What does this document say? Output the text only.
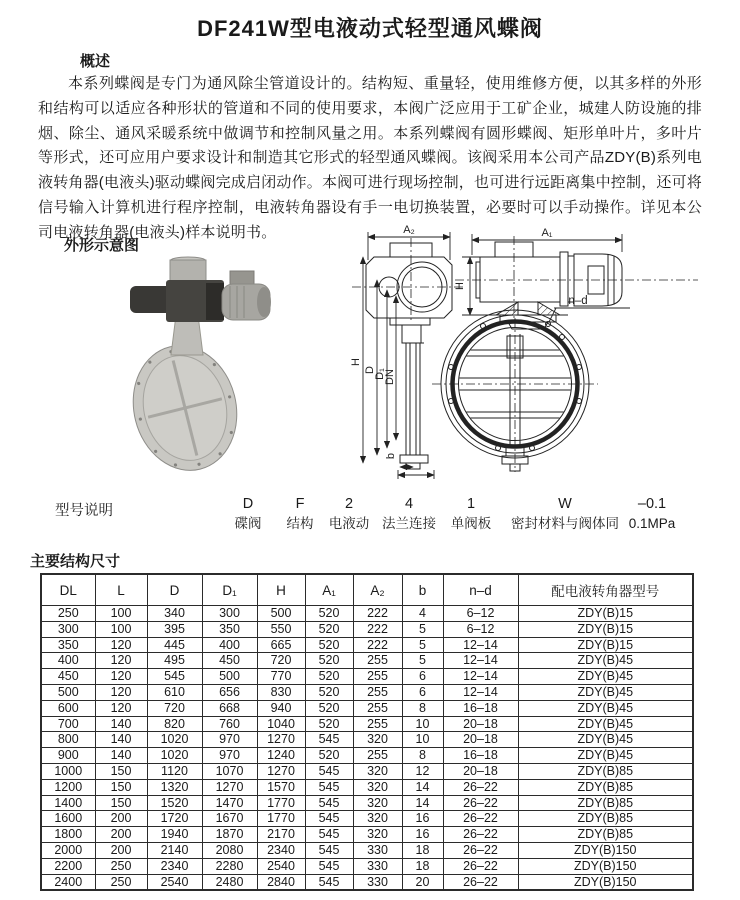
DF241W型电液动式轻型通风蝶阀
概述
本系列蝶阀是专门为通风除尘管道设计的。结构短、重量轻，使用维修方便，以其多样的外形和结构可以适应各种形状的管道和不同的使用要求，本阀广泛应用于工矿企业，城建人防设施的排烟、除尘、通风采暖系统中做调节和控制风量之用。本系列蝶阀有圆形蝶阀、矩形单叶片，多叶片等形式，还可应用户要求设计和制造其它形式的轻型通风蝶阀。该阀采用本公司产品ZDY(B)系列电液转角器(电液头)驱动蝶阀完成启闭动作。本阀可进行现场控制，也可进行远距离集中控制，还可将信号输入计算机进行程序控制，电液转角器设有手一电切换装置，必要时可以手动操作。详见本公司电液转角器(电液头)样本说明书。
外形示意图
A₂
H
D
D₁
DN
b
A₁
H
n–d
型号说明	D
碟阀
F
结构
2
电液动
4
法兰连接
1
单阀板
W
密封材料与阀体同
–0.1
0.1MPa
主要结构尺寸
DL	L	D	D₁	H	A₁	A₂	b	n–d	配电液转角器型号
250	100	340	300	500	520	222	4	6–12	ZDY(B)15
300	100	395	350	550	520	222	5	6–12	ZDY(B)15
350	120	445	400	665	520	222	5	12–14	ZDY(B)15
400	120	495	450	720	520	255	5	12–14	ZDY(B)45
450	120	545	500	770	520	255	6	12–14	ZDY(B)45
500	120	610	656	830	520	255	6	12–14	ZDY(B)45
600	120	720	668	940	520	255	8	16–18	ZDY(B)45
700	140	820	760	1040	520	255	10	20–18	ZDY(B)45
800	140	1020	970	1270	545	320	10	20–18	ZDY(B)45
900	140	1020	970	1240	520	255	8	16–18	ZDY(B)45
1000	150	1120	1070	1270	545	320	12	20–18	ZDY(B)85
1200	150	1320	1270	1570	545	320	14	26–22	ZDY(B)85
1400	150	1520	1470	1770	545	320	14	26–22	ZDY(B)85
1600	200	1720	1670	1770	545	320	16	26–22	ZDY(B)85
1800	200	1940	1870	2170	545	320	16	26–22	ZDY(B)85
2000	200	2140	2080	2340	545	330	18	26–22	ZDY(B)150
2200	250	2340	2280	2540	545	330	18	26–22	ZDY(B)150
2400	250	2540	2480	2840	545	330	20	26–22	ZDY(B)150
